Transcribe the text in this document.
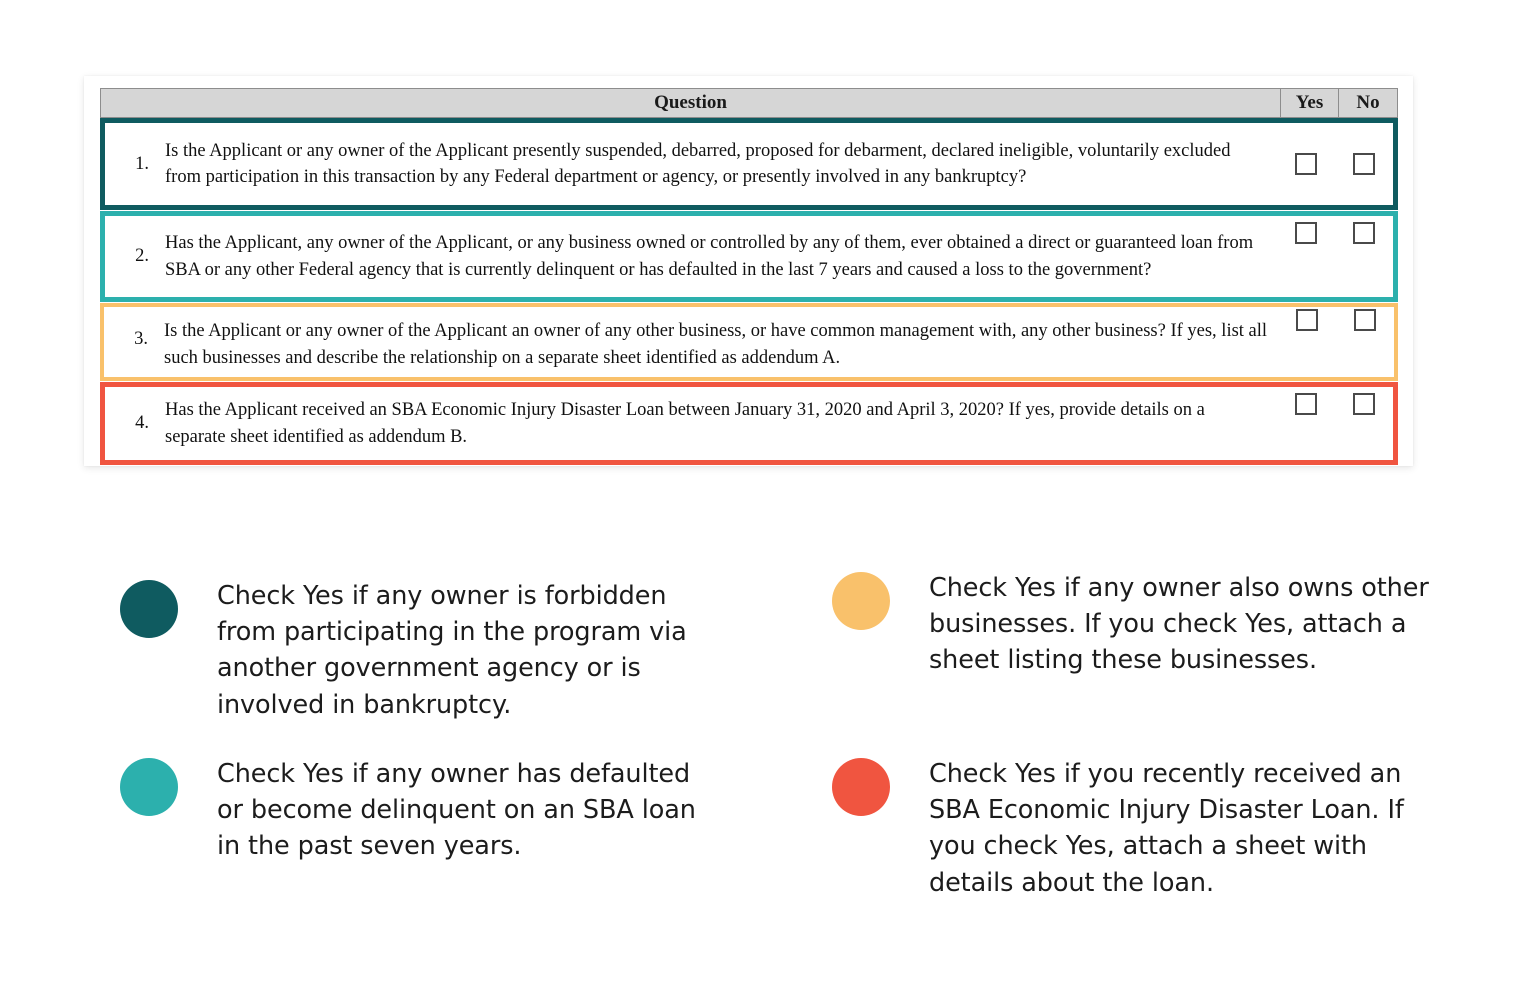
Question	Yes	No
1.
Is the Applicant or any owner of the Applicant presently suspended, debarred, proposed for debarment, declared ineligible, voluntarily excluded from participation in this transaction by any Federal department or agency, or presently involved in any bankruptcy?
2.
Has the Applicant, any owner of the Applicant, or any business owned or controlled by any of them, ever obtained a direct or guaranteed loan from SBA or any other Federal agency that is currently delinquent or has defaulted in the last 7 years and caused a loss to the government?
3. Is the Applicant or any owner of the Applicant an owner of any other business, or have common management with, any other business? If yes, list all such businesses and describe the relationship on a separate sheet identified as addendum A.
4.
Has the Applicant received an SBA Economic Injury Disaster Loan between January 31, 2020 and April 3, 2020? If yes, provide details on a separate sheet identified as addendum B.
Check Yes if any owner is forbidden from participating in the program via another government agency or is involved in bankruptcy.
Check Yes if any owner has defaulted or become delinquent on an SBA loan in the past seven years.
Check Yes if any owner also owns other businesses. If you check Yes, attach a sheet listing these businesses.
Check Yes if you recently received an SBA Economic Injury Disaster Loan. If you check Yes, attach a sheet with details about the loan.
